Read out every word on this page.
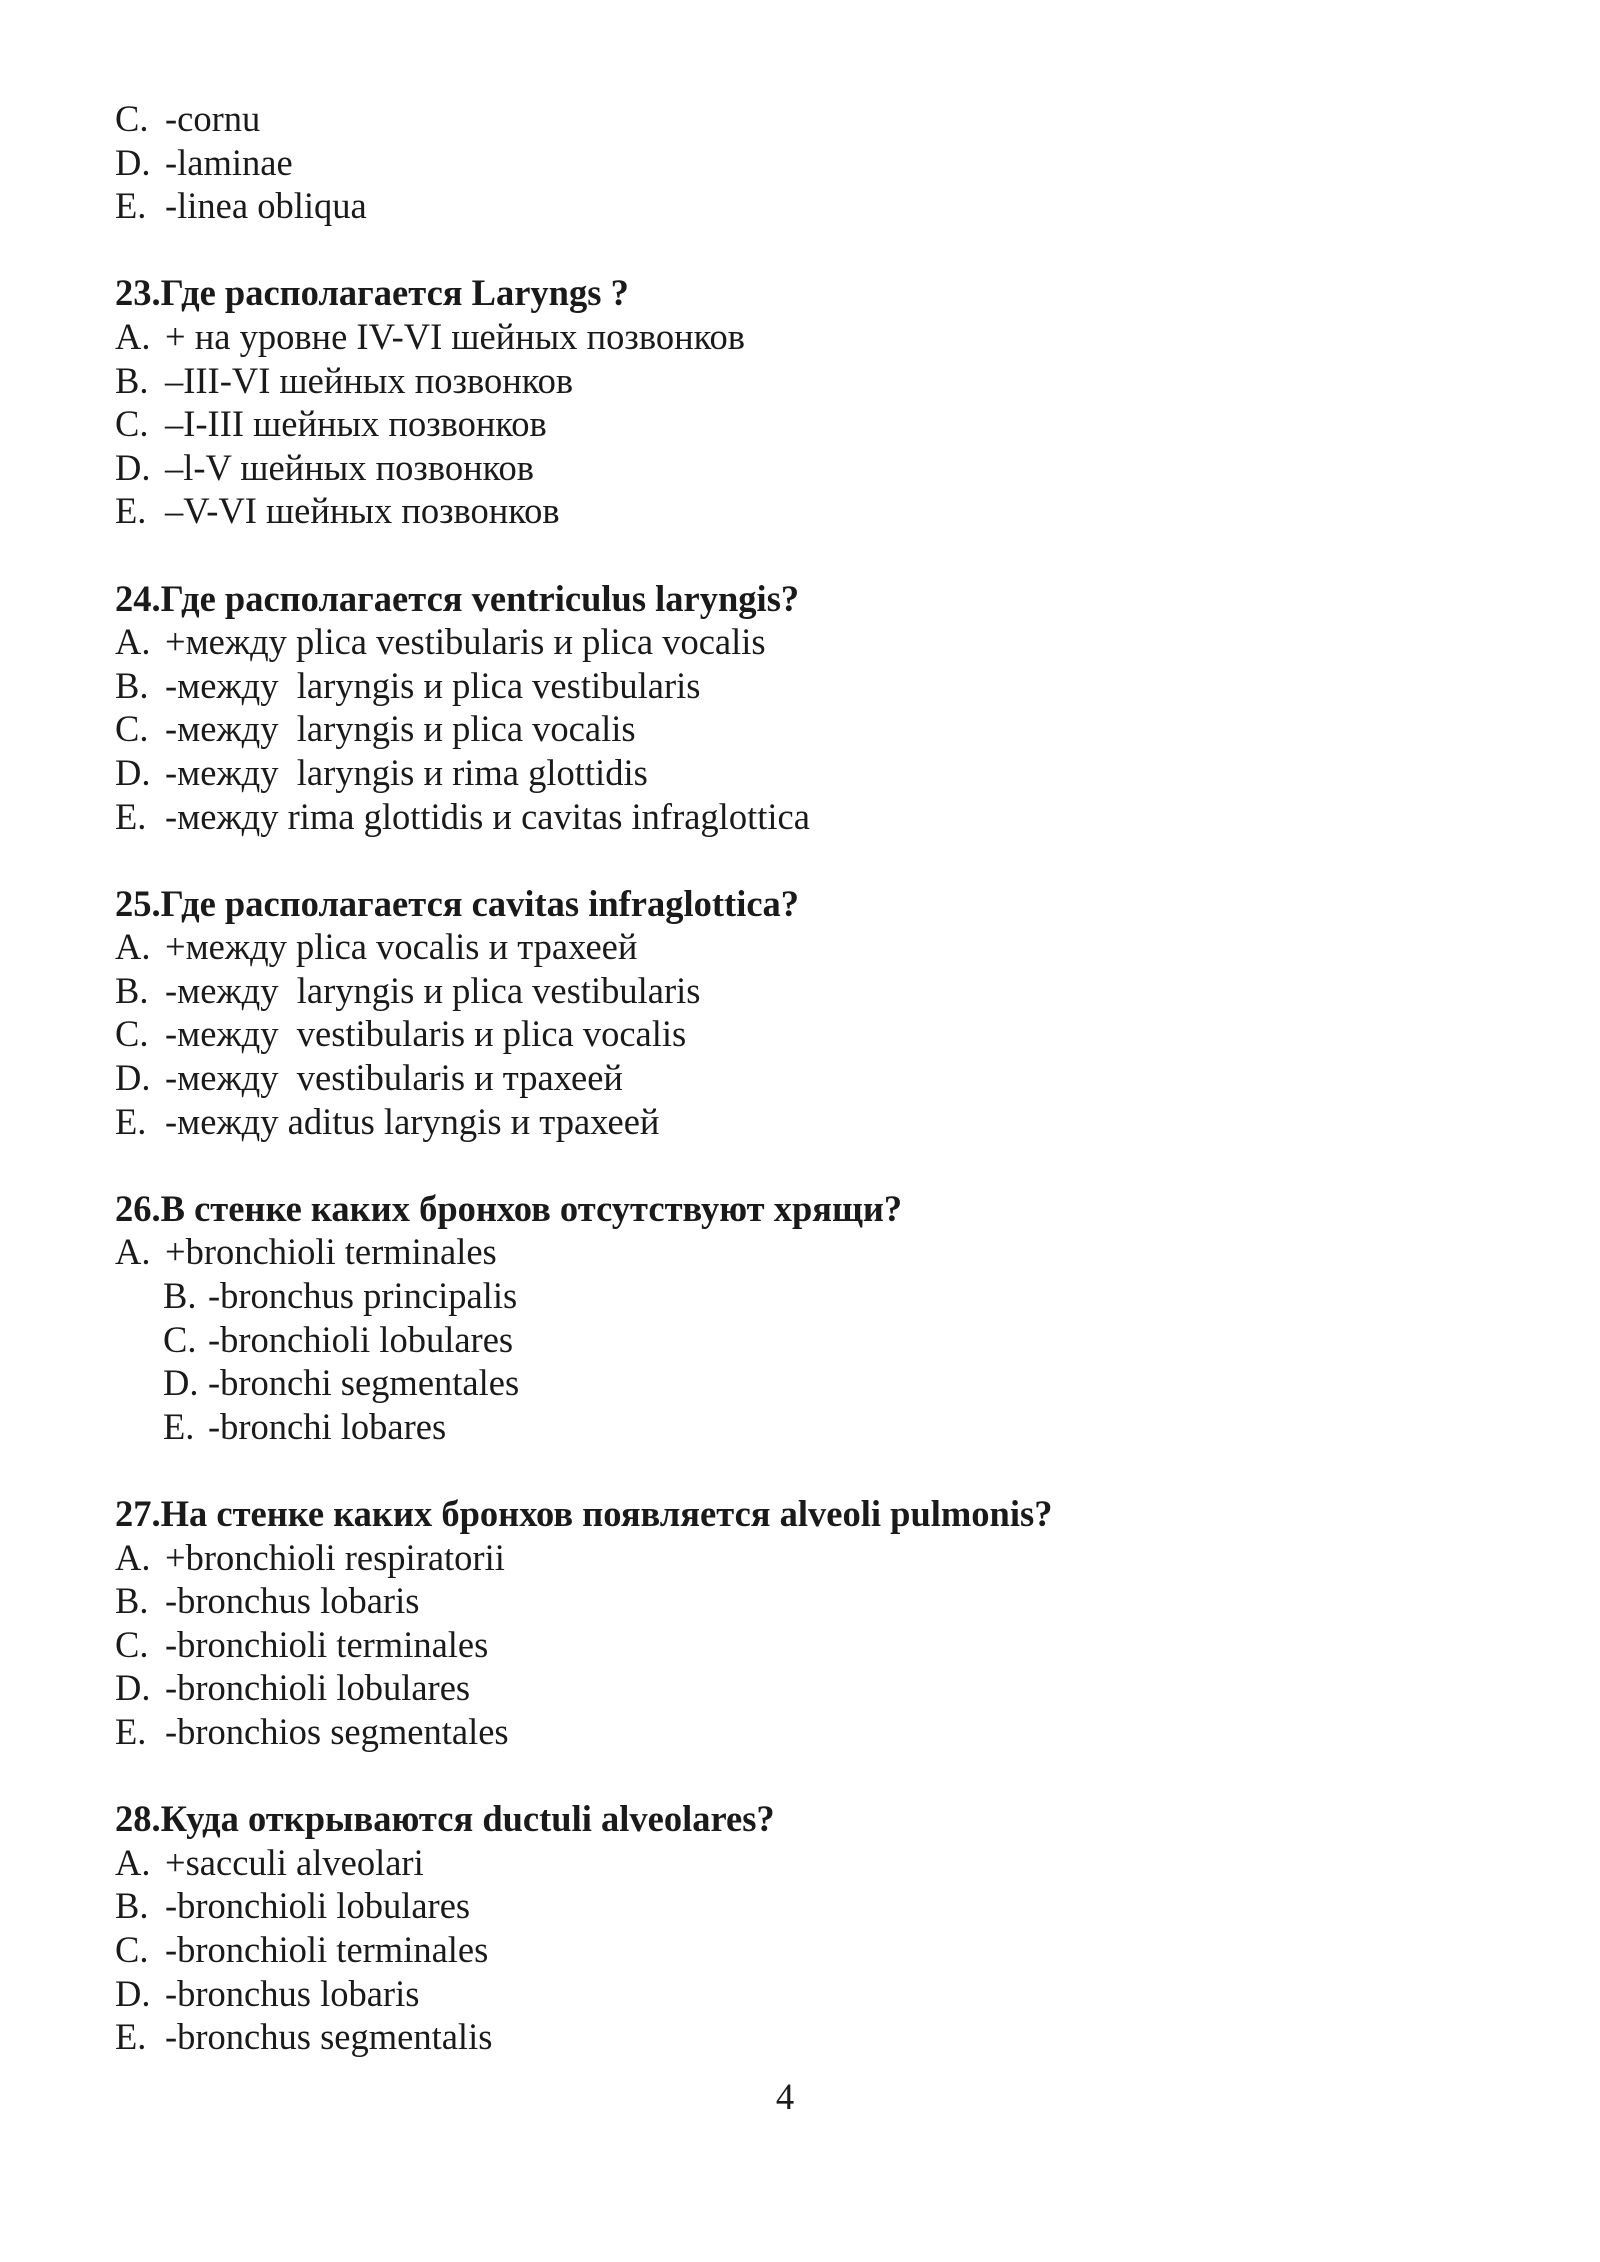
C. -cornu
D. -laminae
E. -linea obliqua
23.Где располагается Laryngs ?
A. + на уровне IV-VI шейных позвонков
B. –III-VI шейных позвонков
C. –I-III шейных позвонков
D. –l-V шейных позвонков
E. –V-VI шейных позвонков
24.Где располагается ventriculus laryngis?
A. +между plica vestibularis и plica vocalis
B. -между  laryngis и plica vestibularis
C. -между  laryngis и plica vocalis
D. -между  laryngis и rima glottidis
E. -между rima glottidis и cavitas infraglottica
25.Где располагается cavitas infraglottica?
A. +между plica vocalis и трахеей
B. -между  laryngis и plica vestibularis
C. -между  vestibularis и plica vocalis
D. -между  vestibularis и трахеей
E. -между aditus laryngis и трахеей
26.В стенке каких бронхов отсутствуют хрящи?
A. +bronchioli terminales
B. -bronchus principalis
C. -bronchioli lobulares
D. -bronchi segmentales
E. -bronchi lobares
27.На стенке каких бронхов появляется alveoli pulmonis?
A. +bronchioli respiratorii
B. -bronchus lobaris
C. -bronchioli terminales
D. -bronchioli lobulares
E. -bronchios segmentales
28.Куда открываются ductuli alveolares?
A. +sacculi alveolari
B. -bronchioli lobulares
C. -bronchioli terminales
D. -bronchus lobaris
E. -bronchus segmentalis
4
